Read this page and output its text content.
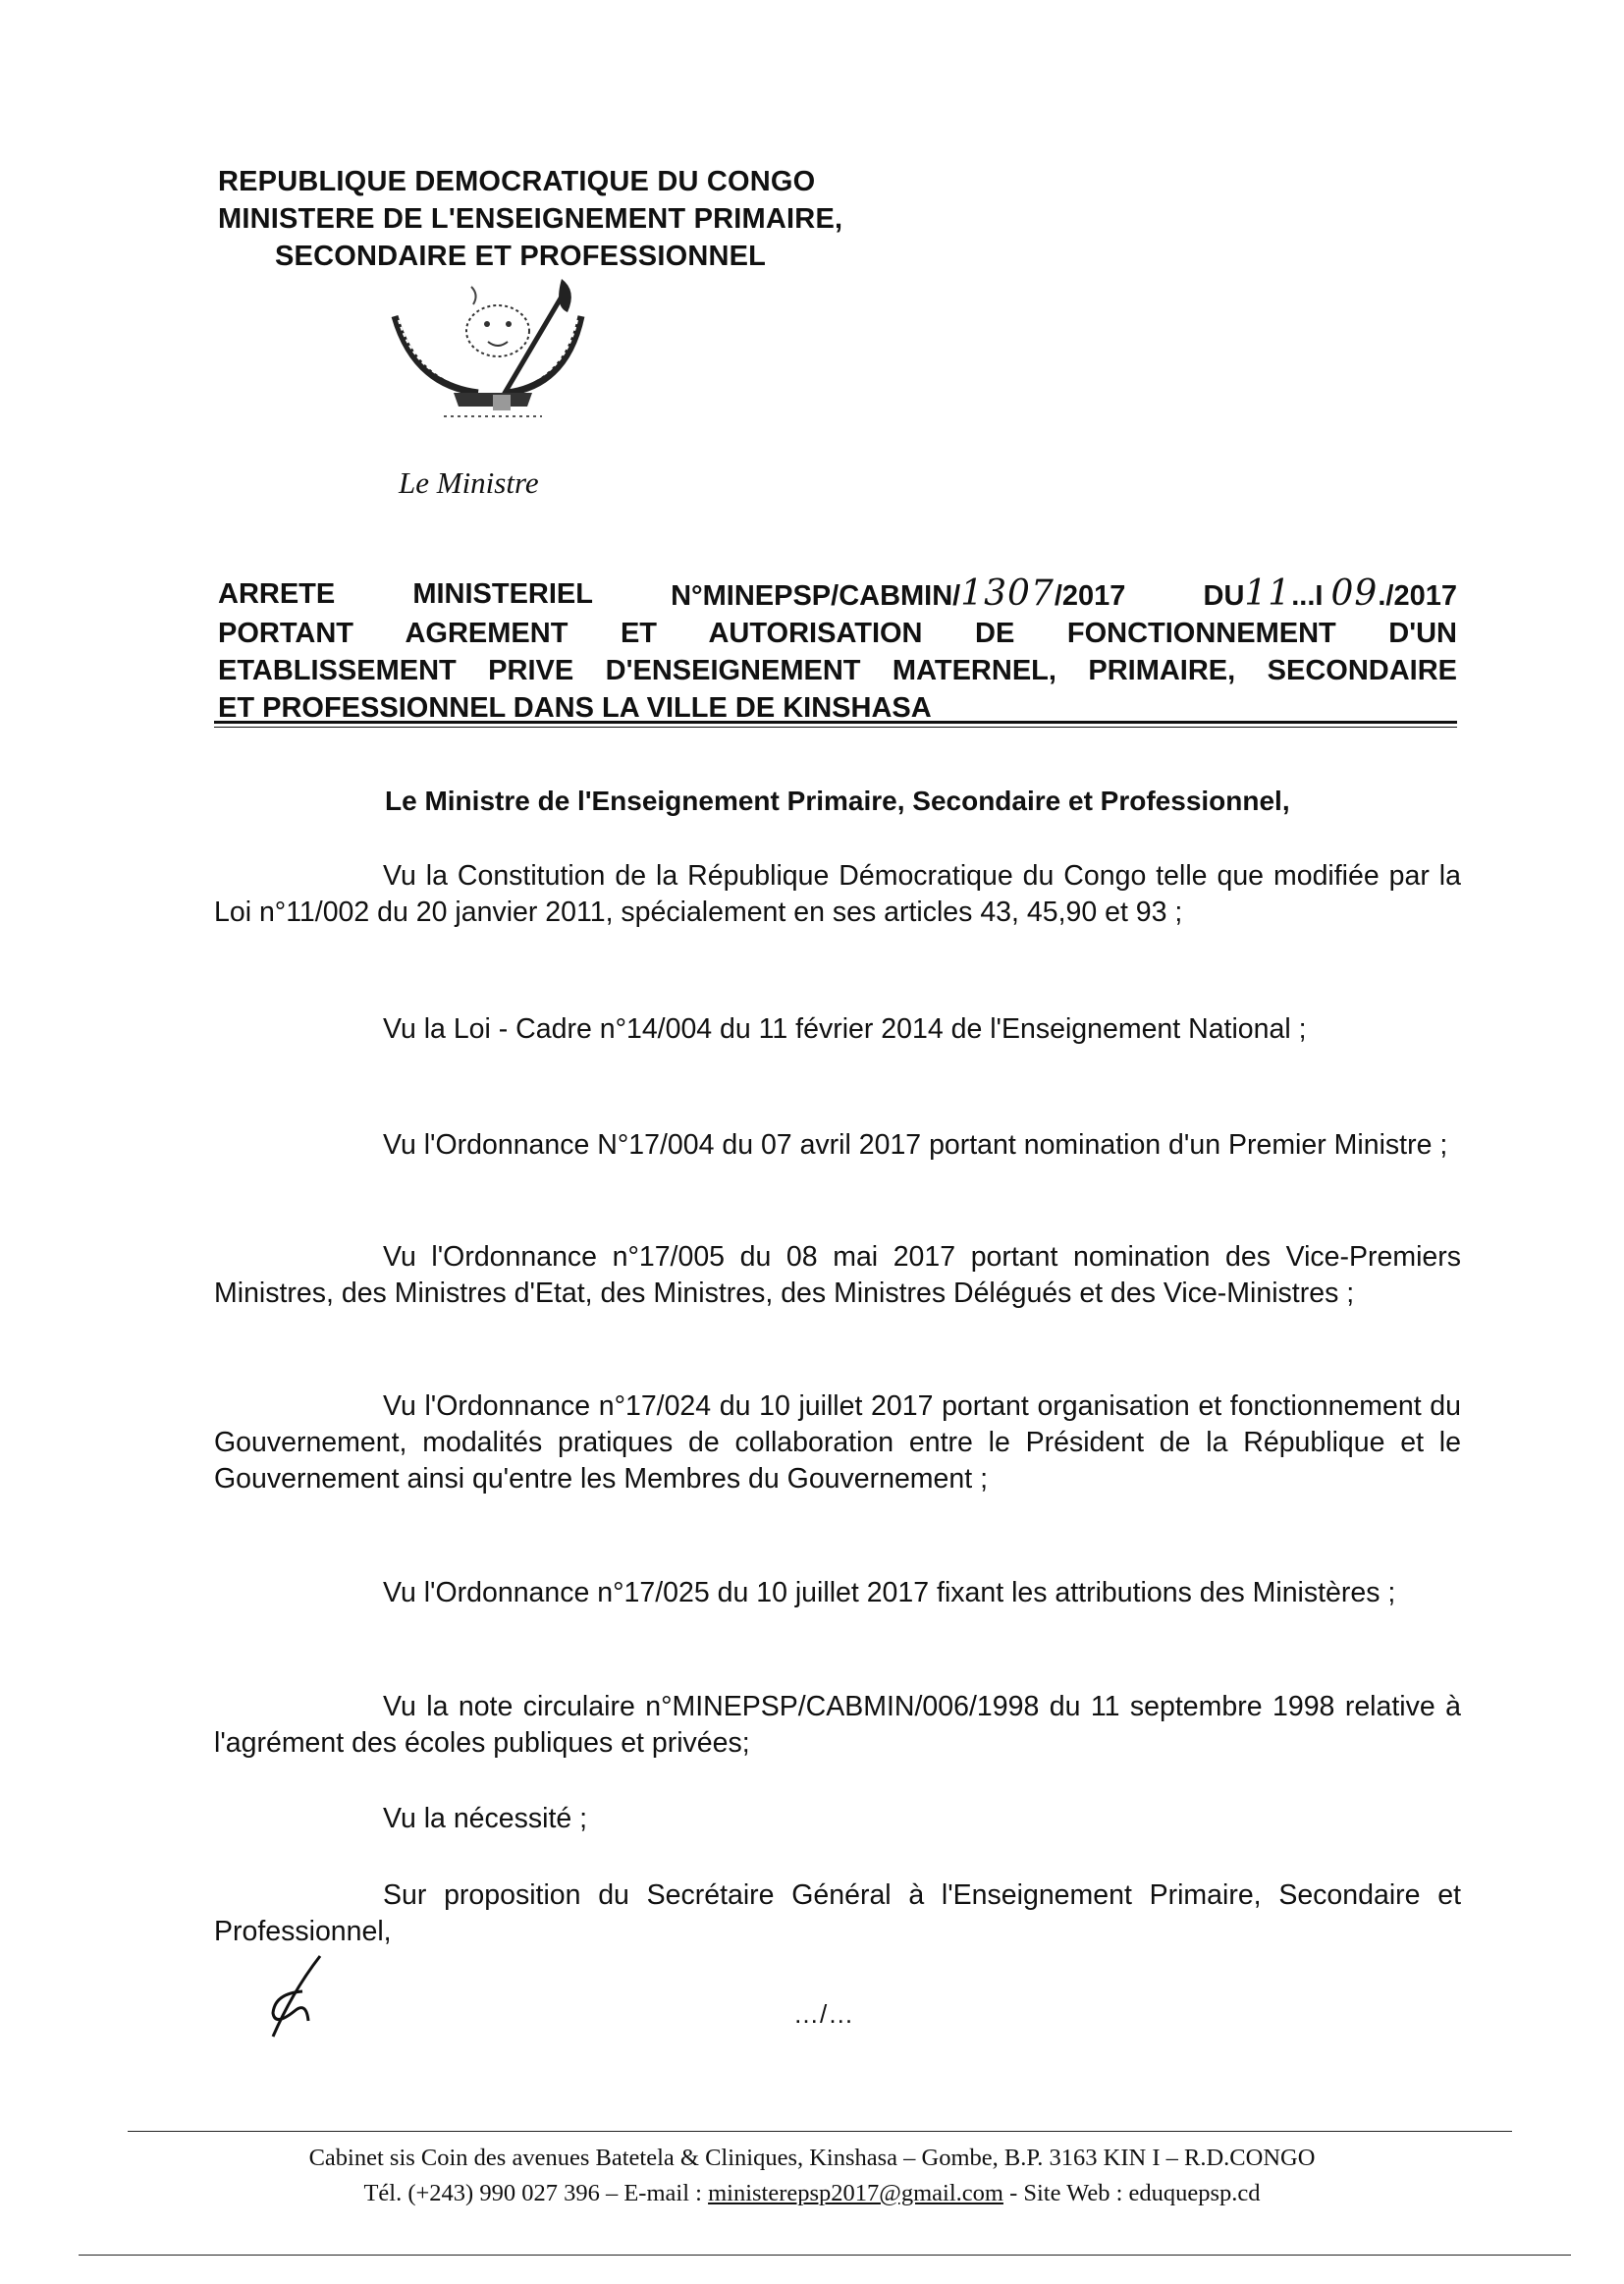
REPUBLIQUE DEMOCRATIQUE DU CONGO
MINISTERE DE L'ENSEIGNEMENT PRIMAIRE,
SECONDAIRE ET PROFESSIONNEL
Le Ministre
ARRETE	MINISTERIEL	N°MINEPSP/CABMIN/1307/2017	DU11...I 09./2017
PORTANT AGREMENT ET AUTORISATION DE FONCTIONNEMENT D'UN
ETABLISSEMENT PRIVE D'ENSEIGNEMENT MATERNEL, PRIMAIRE, SECONDAIRE
ET PROFESSIONNEL DANS LA VILLE DE KINSHASA
Le Ministre de l'Enseignement Primaire, Secondaire et Professionnel,

Vu la Constitution de la République Démocratique du Congo telle que modifiée par la Loi n°11/002 du 20 janvier 2011, spécialement en ses articles 43, 45,90 et 93 ;

Vu la Loi - Cadre n°14/004 du 11 février 2014 de l'Enseignement National ;

Vu l'Ordonnance N°17/004 du 07 avril 2017 portant nomination d'un Premier Ministre ;

Vu l'Ordonnance n°17/005 du 08 mai 2017 portant nomination des Vice-Premiers Ministres, des Ministres d'Etat, des Ministres, des Ministres Délégués et des Vice-Ministres ;

Vu l'Ordonnance n°17/024 du 10 juillet 2017 portant organisation et fonctionnement du Gouvernement, modalités pratiques de collaboration entre le Président de la République et le Gouvernement ainsi qu'entre les Membres du Gouvernement ;

Vu l'Ordonnance n°17/025 du 10 juillet 2017 fixant les attributions des Ministères ;

Vu la note circulaire n°MINEPSP/CABMIN/006/1998 du 11 septembre 1998 relative à l'agrément des écoles publiques et privées;

Vu la nécessité ;

Sur proposition du Secrétaire Général à l'Enseignement Primaire, Secondaire et Professionnel,

…/…
Cabinet sis Coin des avenues Batetela & Cliniques, Kinshasa – Gombe, B.P. 3163 KIN I – R.D.CONGO
Tél. (+243) 990 027 396 – E-mail : ministerepsp2017@gmail.com - Site Web : eduquepsp.cd
